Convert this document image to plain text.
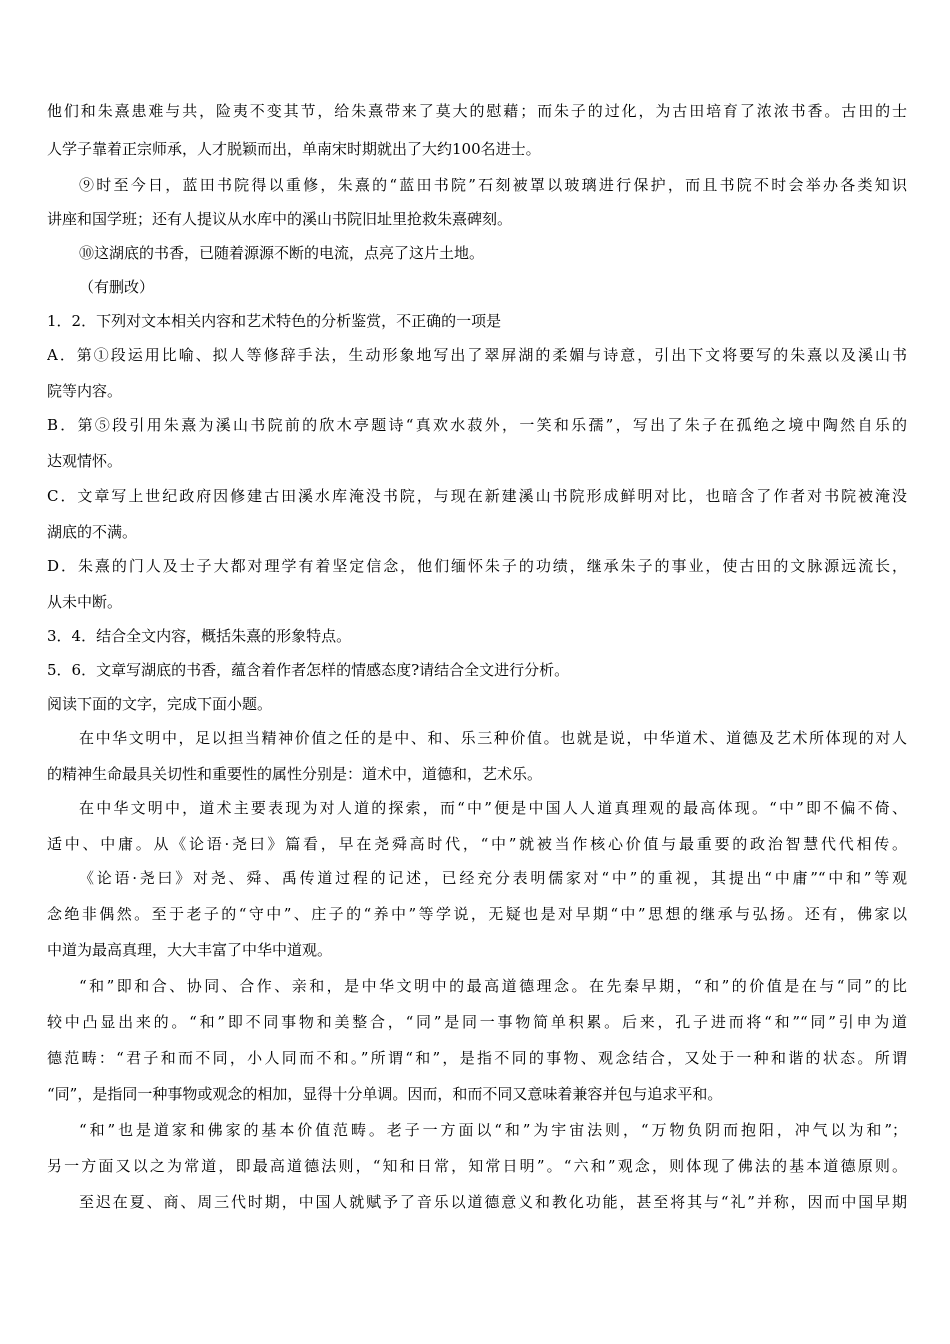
他们和朱熹患难与共，险夷不变其节，给朱熹带来了莫大的慰藉；而朱子的过化，为古田培育了浓浓书香。古田的士
人学子靠着正宗师承，人才脱颖而出，单南宋时期就出了大约100名进士。
⑨时至今日，蓝田书院得以重修，朱熹的“蓝田书院”石刻被罩以玻璃进行保护，而且书院不时会举办各类知识
讲座和国学班；还有人提议从水库中的溪山书院旧址里抢救朱熹碑刻。
⑩这湖底的书香，已随着源源不断的电流，点亮了这片土地。
（有删改）
1．2．下列对文本相关内容和艺术特色的分析鉴赏，不正确的一项是
A．第①段运用比喻、拟人等修辞手法，生动形象地写出了翠屏湖的柔媚与诗意，引出下文将要写的朱熹以及溪山书
院等内容。
B．第⑤段引用朱熹为溪山书院前的欣木亭题诗“真欢水菽外，一笑和乐孺”，写出了朱子在孤绝之境中陶然自乐的
达观情怀。
C．文章写上世纪政府因修建古田溪水库淹没书院，与现在新建溪山书院形成鲜明对比，也暗含了作者对书院被淹没
湖底的不满。
D．朱熹的门人及士子大都对理学有着坚定信念，他们缅怀朱子的功绩，继承朱子的事业，使古田的文脉源远流长，
从未中断。
3．4．结合全文内容，概括朱熹的形象特点。
5．6．文章写湖底的书香，蕴含着作者怎样的情感态度?请结合全文进行分析。
阅读下面的文字，完成下面小题。
在中华文明中，足以担当精神价值之任的是中、和、乐三种价值。也就是说，中华道术、道德及艺术所体现的对人
的精神生命最具关切性和重要性的属性分别是：道术中，道德和，艺术乐。
在中华文明中，道术主要表现为对人道的探索，而“中”便是中国人人道真理观的最高体现。“中”即不偏不倚、
适中、中庸。从《论语·尧曰》篇看，早在尧舜高时代，“中”就被当作核心价值与最重要的政治智慧代代相传。
《论语·尧曰》对尧、舜、禹传道过程的记述，已经充分表明儒家对“中”的重视，其提出“中庸”“中和”等观
念绝非偶然。至于老子的“守中”、庄子的“养中”等学说，无疑也是对早期“中”思想的继承与弘扬。还有，佛家以
中道为最高真理，大大丰富了中华中道观。
“和”即和合、协同、合作、亲和，是中华文明中的最高道德理念。在先秦早期，“和”的价值是在与“同”的比
较中凸显出来的。“和”即不同事物和美整合，“同”是同一事物简单积累。后来，孔子进而将“和”“同”引申为道
德范畴：“君子和而不同，小人同而不和。”所谓“和”，是指不同的事物、观念结合，又处于一种和谐的状态。所谓
“同”，是指同一种事物或观念的相加，显得十分单调。因而，和而不同又意味着兼容并包与追求平和。
“和”也是道家和佛家的基本价值范畴。老子一方面以“和”为宇宙法则，“万物负阴而抱阳，冲气以为和”；
另一方面又以之为常道，即最高道德法则，“知和日常，知常日明”。“六和”观念，则体现了佛法的基本道德原则。
至迟在夏、商、周三代时期，中国人就赋予了音乐以道德意义和教化功能，甚至将其与“礼”并称，因而中国早期
